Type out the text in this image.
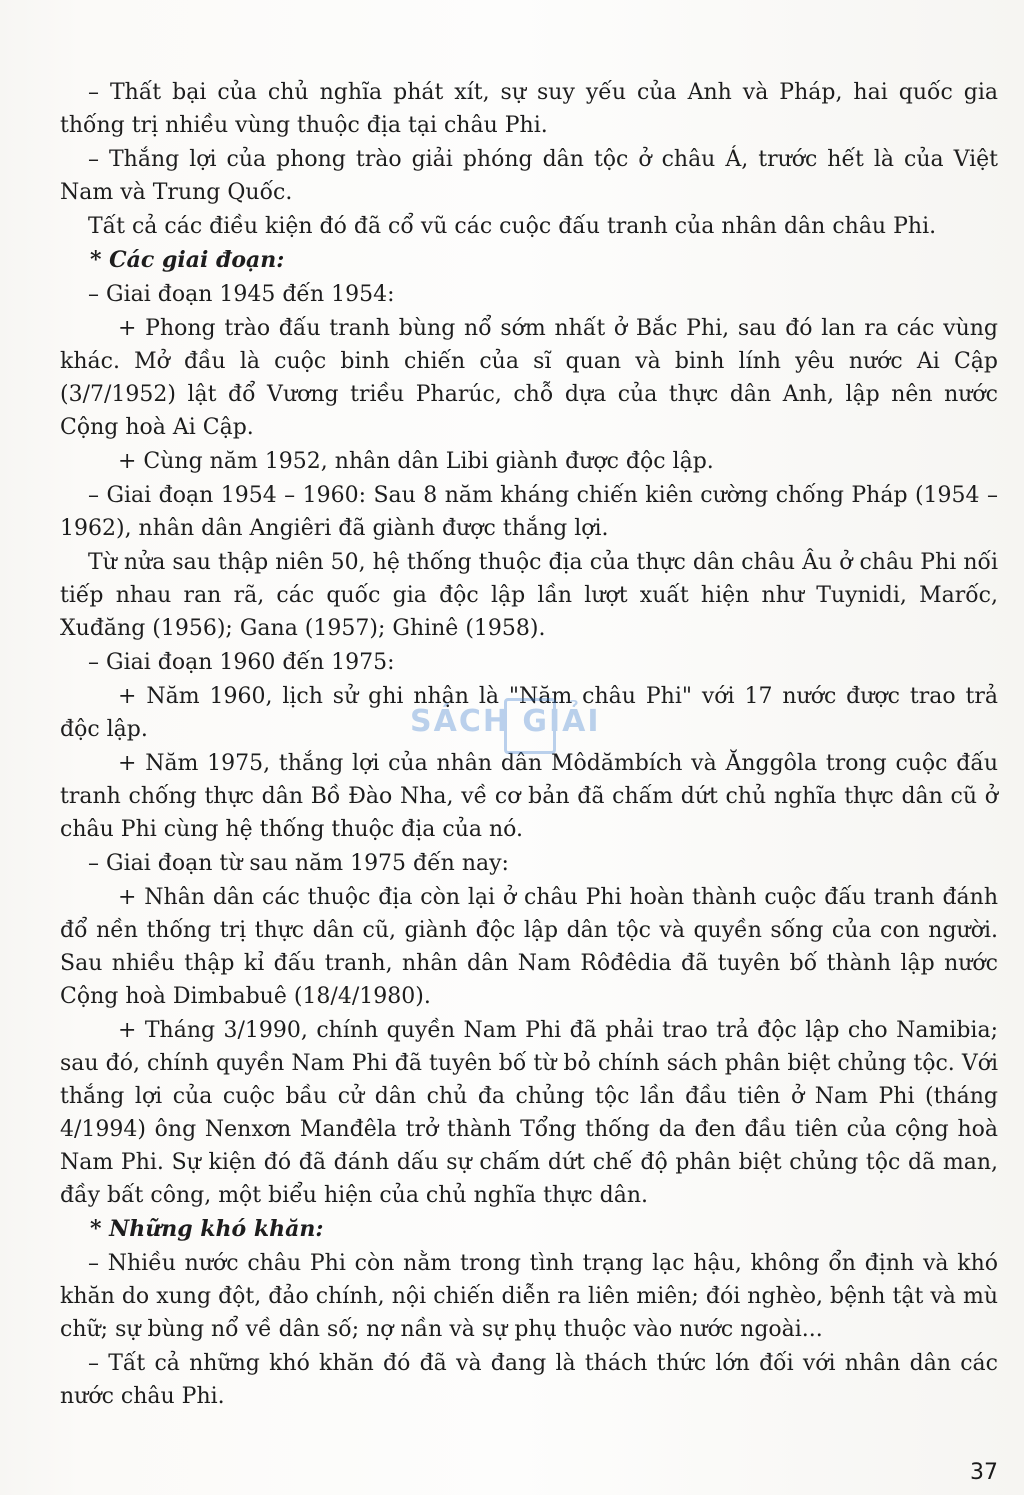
– Thất bại của chủ nghĩa phát xít, sự suy yếu của Anh và Pháp, hai quốc gia thống trị nhiều vùng thuộc địa tại châu Phi.

– Thắng lợi của phong trào giải phóng dân tộc ở châu Á, trước hết là của Việt Nam và Trung Quốc.

Tất cả các điều kiện đó đã cổ vũ các cuộc đấu tranh của nhân dân châu Phi.

* Các giai đoạn:

– Giai đoạn 1945 đến 1954:

+ Phong trào đấu tranh bùng nổ sớm nhất ở Bắc Phi, sau đó lan ra các vùng khác. Mở đầu là cuộc binh chiến của sĩ quan và binh lính yêu nước Ai Cập (3/7/1952) lật đổ Vương triều Pharúc, chỗ dựa của thực dân Anh, lập nên nước Cộng hoà Ai Cập.

+ Cùng năm 1952, nhân dân Libi giành được độc lập.

– Giai đoạn 1954 – 1960: Sau 8 năm kháng chiến kiên cường chống Pháp (1954 – 1962), nhân dân Angiêri đã giành được thắng lợi.

Từ nửa sau thập niên 50, hệ thống thuộc địa của thực dân châu Âu ở châu Phi nối tiếp nhau ran rã, các quốc gia độc lập lần lượt xuất hiện như Tuynidi, Marốc, Xuđăng (1956); Gana (1957); Ghinê (1958).

– Giai đoạn 1960 đến 1975:

+ Năm 1960, lịch sử ghi nhận là "Năm châu Phi" với 17 nước được trao trả độc lập.

+ Năm 1975, thắng lợi của nhân dân Môdămbích và Ănggôla trong cuộc đấu tranh chống thực dân Bồ Đào Nha, về cơ bản đã chấm dứt chủ nghĩa thực dân cũ ở châu Phi cùng hệ thống thuộc địa của nó.

– Giai đoạn từ sau năm 1975 đến nay:

+ Nhân dân các thuộc địa còn lại ở châu Phi hoàn thành cuộc đấu tranh đánh đổ nền thống trị thực dân cũ, giành độc lập dân tộc và quyền sống của con người. Sau nhiều thập kỉ đấu tranh, nhân dân Nam Rôđêdia đã tuyên bố thành lập nước Cộng hoà Dimbabuê (18/4/1980).

+ Tháng 3/1990, chính quyền Nam Phi đã phải trao trả độc lập cho Namibia; sau đó, chính quyền Nam Phi đã tuyên bố từ bỏ chính sách phân biệt chủng tộc. Với thắng lợi của cuộc bầu cử dân chủ đa chủng tộc lần đầu tiên ở Nam Phi (tháng 4/1994) ông Nenxơn Manđêla trở thành Tổng thống da đen đầu tiên của cộng hoà Nam Phi. Sự kiện đó đã đánh dấu sự chấm dứt chế độ phân biệt chủng tộc dã man, đầy bất công, một biểu hiện của chủ nghĩa thực dân.

* Những khó khăn:

– Nhiều nước châu Phi còn nằm trong tình trạng lạc hậu, không ổn định và khó khăn do xung đột, đảo chính, nội chiến diễn ra liên miên; đói nghèo, bệnh tật và mù chữ; sự bùng nổ về dân số; nợ nần và sự phụ thuộc vào nước ngoài...

– Tất cả những khó khăn đó đã và đang là thách thức lớn đối với nhân dân các nước châu Phi.

SÁCH GIẢI
37
